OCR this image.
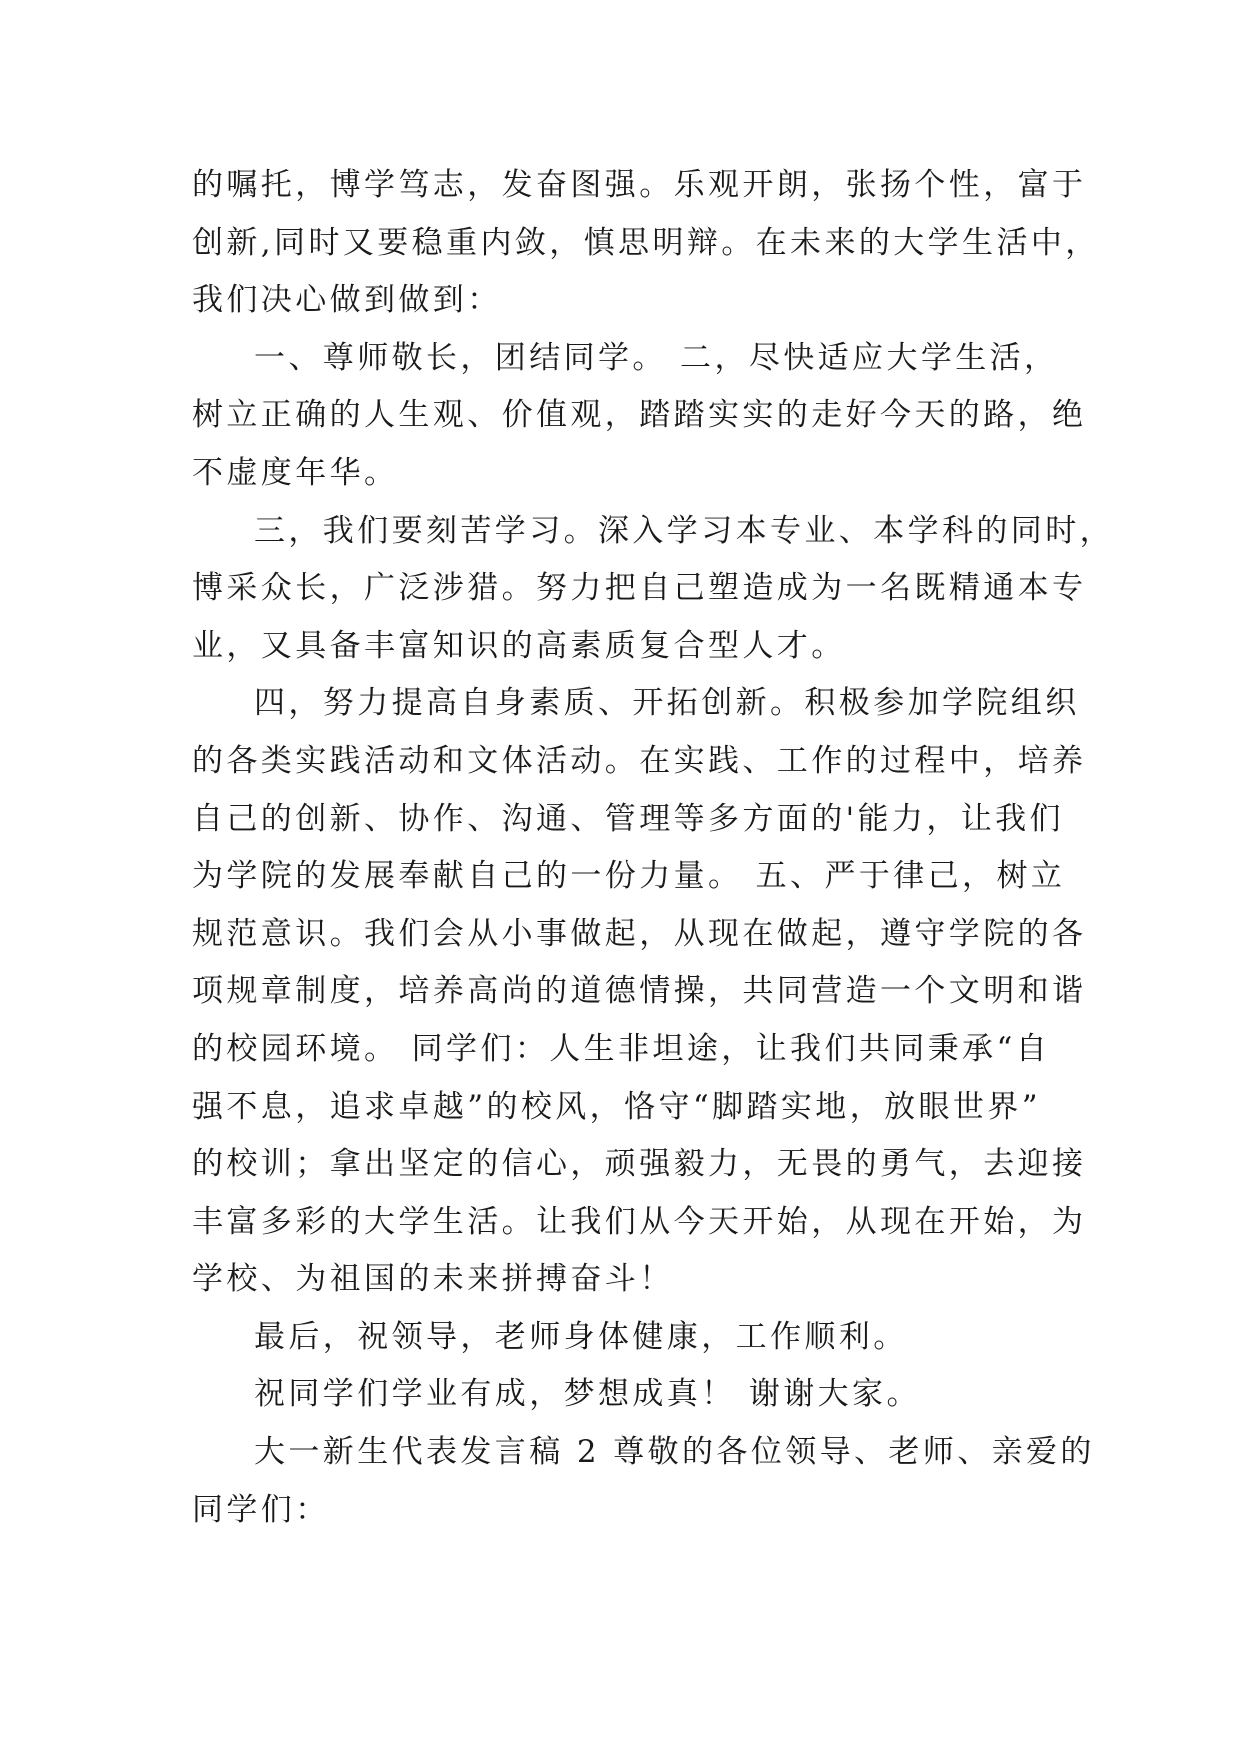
的嘱托，博学笃志，发奋图强。乐观开朗，张扬个性，富于
创新,同时又要稳重内敛，慎思明辩。在未来的大学生活中，
我们决心做到做到：
一、尊师敬长，团结同学。 二，尽快适应大学生活，
树立正确的人生观、价值观，踏踏实实的走好今天的路，绝
不虚度年华。
三，我们要刻苦学习。深入学习本专业、本学科的同时，
博采众长，广泛涉猎。努力把自己塑造成为一名既精通本专
业，又具备丰富知识的高素质复合型人才。
四，努力提高自身素质、开拓创新。积极参加学院组织
的各类实践活动和文体活动。在实践、工作的过程中，培养
自己的创新、协作、沟通、管理等多方面的'能力，让我们
为学院的发展奉献自己的一份力量。 五、严于律己，树立
规范意识。我们会从小事做起，从现在做起，遵守学院的各
项规章制度，培养高尚的道德情操，共同营造一个文明和谐
的校园环境。 同学们：人生非坦途，让我们共同秉承“自
强不息，追求卓越”的校风，恪守“脚踏实地，放眼世界”
的校训；拿出坚定的信心，顽强毅力，无畏的勇气，去迎接
丰富多彩的大学生活。让我们从今天开始，从现在开始，为
学校、为祖国的未来拼搏奋斗！
最后，祝领导，老师身体健康，工作顺利。
祝同学们学业有成，梦想成真！ 谢谢大家。
大一新生代表发言稿 2 尊敬的各位领导、老师、亲爱的
同学们：
